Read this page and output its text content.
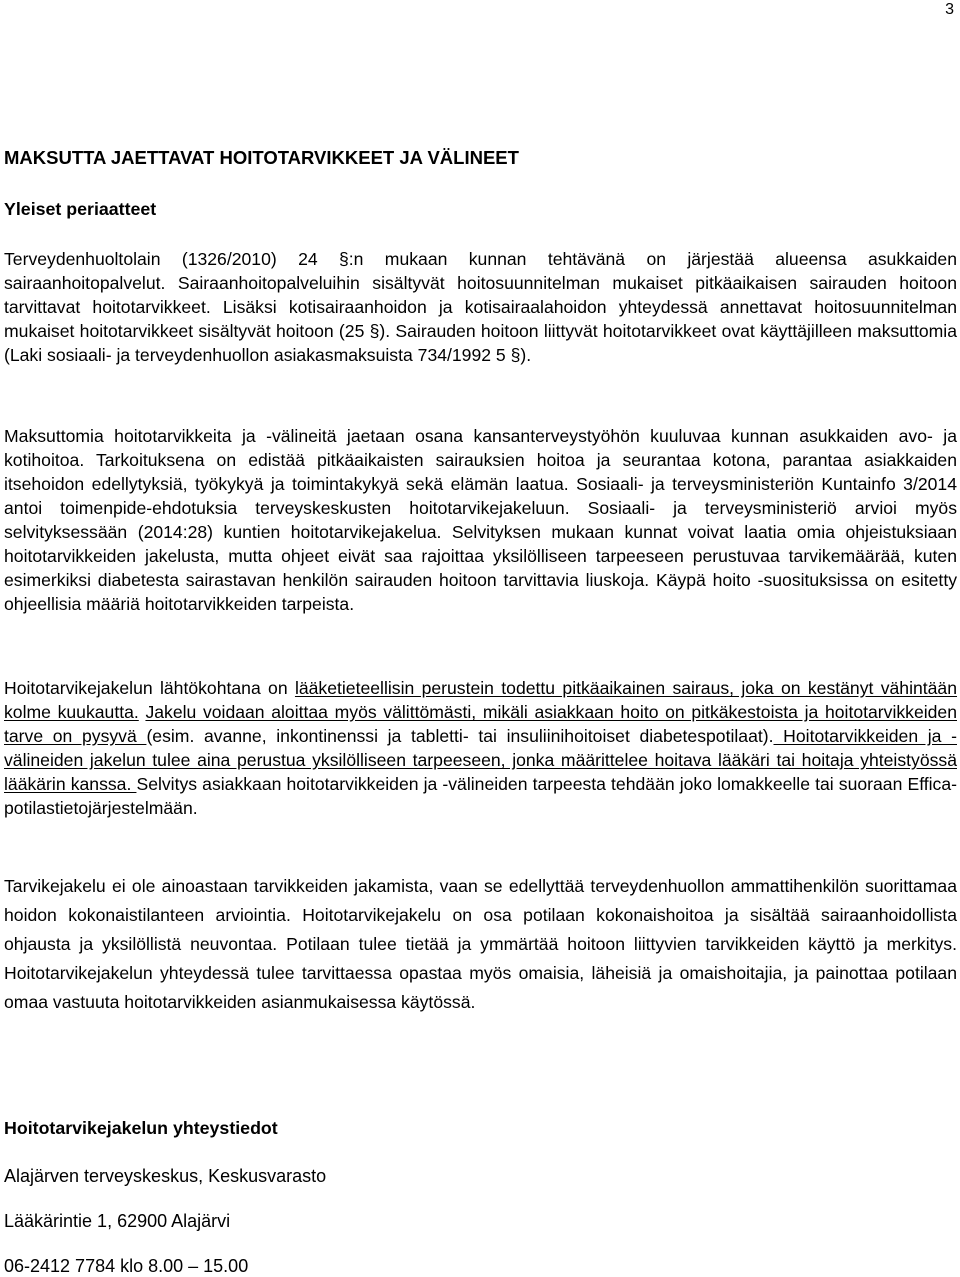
3
MAKSUTTA JAETTAVAT HOITOTARVIKKEET JA VÄLINEET
Yleiset periaatteet

Terveydenhuoltolain (1326/2010) 24 §:n mukaan kunnan tehtävänä on järjestää alueensa asukkaiden sairaanhoitopalvelut. Sairaanhoitopalveluihin sisältyvät hoitosuunnitelman mukaiset pitkäaikaisen sairauden hoitoon tarvittavat hoitotarvikkeet. Lisäksi kotisairaanhoidon ja kotisairaalahoidon yhteydessä annettavat hoitosuunnitelman mukaiset hoitotarvikkeet sisältyvät hoitoon (25 §). Sairauden hoitoon liittyvät hoitotarvikkeet ovat käyttäjilleen maksuttomia (Laki sosiaali- ja terveydenhuollon asiakasmaksuista 734/1992 5 §).

Maksuttomia hoitotarvikkeita ja -välineitä jaetaan osana kansanterveystyöhön kuuluvaa kunnan asukkaiden avo- ja kotihoitoa. Tarkoituksena on edistää pitkäaikaisten sairauksien hoitoa ja seurantaa kotona, parantaa asiakkaiden itsehoidon edellytyksiä, työkykyä ja toimintakykyä sekä elämän laatua. Sosiaali- ja terveysministeriön Kuntainfo 3/2014 antoi toimenpide-ehdotuksia terveyskeskusten hoitotarvikejakeluun. Sosiaali- ja terveysministeriö arvioi myös selvityksessään (2014:28) kuntien hoitotarvikejakelua. Selvityksen mukaan kunnat voivat laatia omia ohjeistuksiaan hoitotarvikkeiden jakelusta, mutta ohjeet eivät saa rajoittaa yksilölliseen tarpeeseen perustuvaa tarvikemäärää, kuten esimerkiksi diabetesta sairastavan henkilön sairauden hoitoon tarvittavia liuskoja. Käypä hoito -suosituksissa on esitetty ohjeellisia määriä hoitotarvikkeiden tarpeista.

Hoitotarvikejakelun lähtökohtana on lääketieteellisin perustein todettu pitkäaikainen sairaus, joka on kestänyt vähintään kolme kuukautta. Jakelu voidaan aloittaa myös välittömästi, mikäli asiakkaan hoito on pitkäkestoista ja hoitotarvikkeiden tarve on pysyvä (esim. avanne, inkontinenssi ja tabletti- tai insuliinihoitoiset diabetespotilaat). Hoitotarvikkeiden ja -välineiden jakelun tulee aina perustua yksilölliseen tarpeeseen, jonka määrittelee hoitava lääkäri tai hoitaja yhteistyössä lääkärin kanssa. Selvitys asiakkaan hoitotarvikkeiden ja -välineiden tarpeesta tehdään joko lomakkeelle tai suoraan Effica-potilastietojärjestelmään.

Tarvikejakelu ei ole ainoastaan tarvikkeiden jakamista, vaan se edellyttää terveydenhuollon ammattihenkilön suorittamaa hoidon kokonaistilanteen arviointia. Hoitotarvikejakelu on osa potilaan kokonaishoitoa ja sisältää sairaanhoidollista ohjausta ja yksilöllistä neuvontaa. Potilaan tulee tietää ja ymmärtää hoitoon liittyvien tarvikkeiden käyttö ja merkitys. Hoitotarvikejakelun yhteydessä tulee tarvittaessa opastaa myös omaisia, läheisiä ja omaishoitajia, ja painottaa potilaan omaa vastuuta hoitotarvikkeiden asianmukaisessa käytössä.

Hoitotarvikejakelun yhteystiedot

Alajärven terveyskeskus, Keskusvarasto

Lääkärintie 1, 62900 Alajärvi

06-2412 7784 klo 8.00 – 15.00
